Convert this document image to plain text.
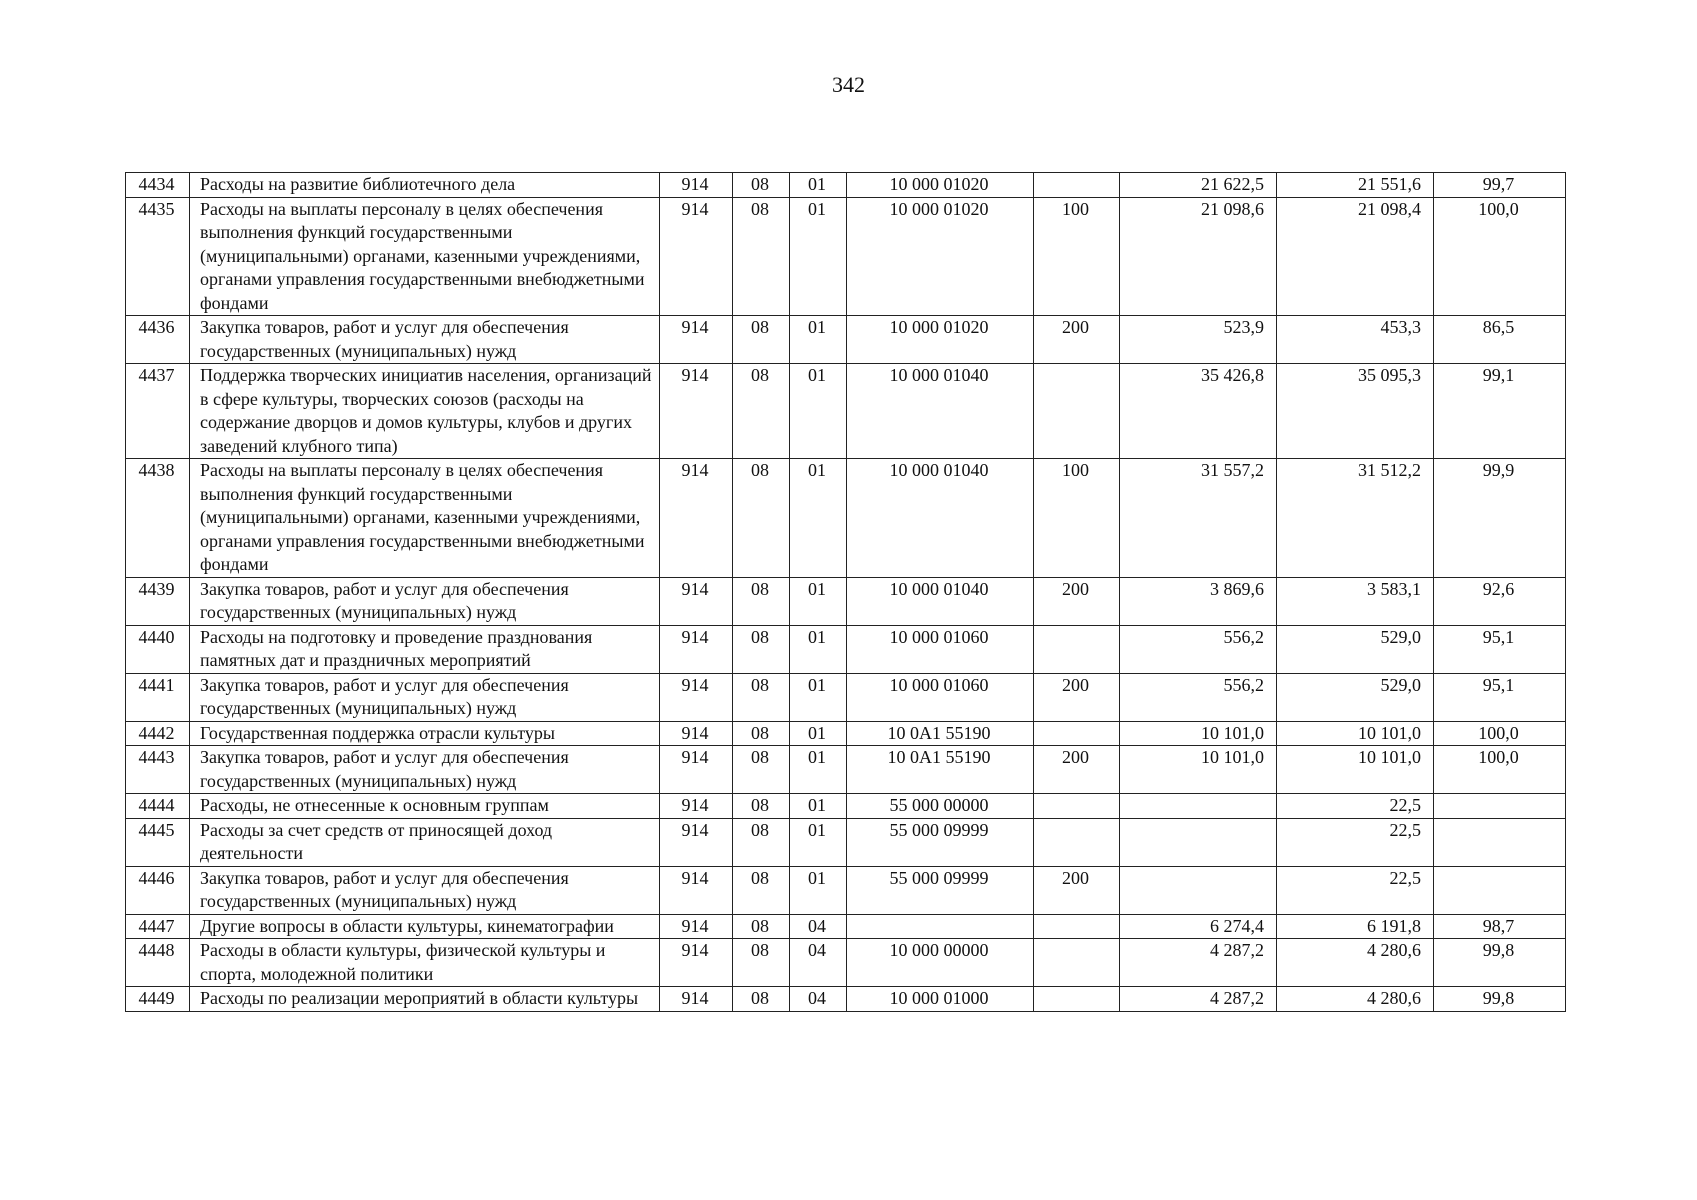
342
4434	Расходы на развитие библиотечного дела	914	08	01	10 000 01020		21 622,5	21 551,6	99,7
4435	Расходы на выплаты персоналу в целях обеспечения выполнения функций государственными (муниципальными) органами, казенными учреждениями, органами управления государственными внебюджетными фондами	914	08	01	10 000 01020	100	21 098,6	21 098,4	100,0
4436	Закупка товаров, работ и услуг для обеспечения государственных (муниципальных) нужд	914	08	01	10 000 01020	200	523,9	453,3	86,5
4437	Поддержка творческих инициатив населения, организаций в сфере культуры, творческих союзов (расходы на содержание дворцов и домов культуры, клубов и других заведений клубного типа)	914	08	01	10 000 01040		35 426,8	35 095,3	99,1
4438	Расходы на выплаты персоналу в целях обеспечения выполнения функций государственными (муниципальными) органами, казенными учреждениями, органами управления государственными внебюджетными фондами	914	08	01	10 000 01040	100	31 557,2	31 512,2	99,9
4439	Закупка товаров, работ и услуг для обеспечения государственных (муниципальных) нужд	914	08	01	10 000 01040	200	3 869,6	3 583,1	92,6
4440	Расходы на подготовку и проведение празднования памятных дат и праздничных мероприятий	914	08	01	10 000 01060		556,2	529,0	95,1
4441	Закупка товаров, работ и услуг для обеспечения государственных (муниципальных) нужд	914	08	01	10 000 01060	200	556,2	529,0	95,1
4442	Государственная поддержка отрасли культуры	914	08	01	10 0A1 55190		10 101,0	10 101,0	100,0
4443	Закупка товаров, работ и услуг для обеспечения государственных (муниципальных) нужд	914	08	01	10 0A1 55190	200	10 101,0	10 101,0	100,0
4444	Расходы, не отнесенные к основным группам	914	08	01	55 000 00000			22,5	
4445	Расходы за счет средств от приносящей доход деятельности	914	08	01	55 000 09999			22,5	
4446	Закупка товаров, работ и услуг для обеспечения государственных (муниципальных) нужд	914	08	01	55 000 09999	200		22,5	
4447	Другие вопросы в области культуры, кинематографии	914	08	04			6 274,4	6 191,8	98,7
4448	Расходы в области культуры, физической культуры и спорта, молодежной политики	914	08	04	10 000 00000		4 287,2	4 280,6	99,8
4449	Расходы по реализации мероприятий в области культуры	914	08	04	10 000 01000		4 287,2	4 280,6	99,8
